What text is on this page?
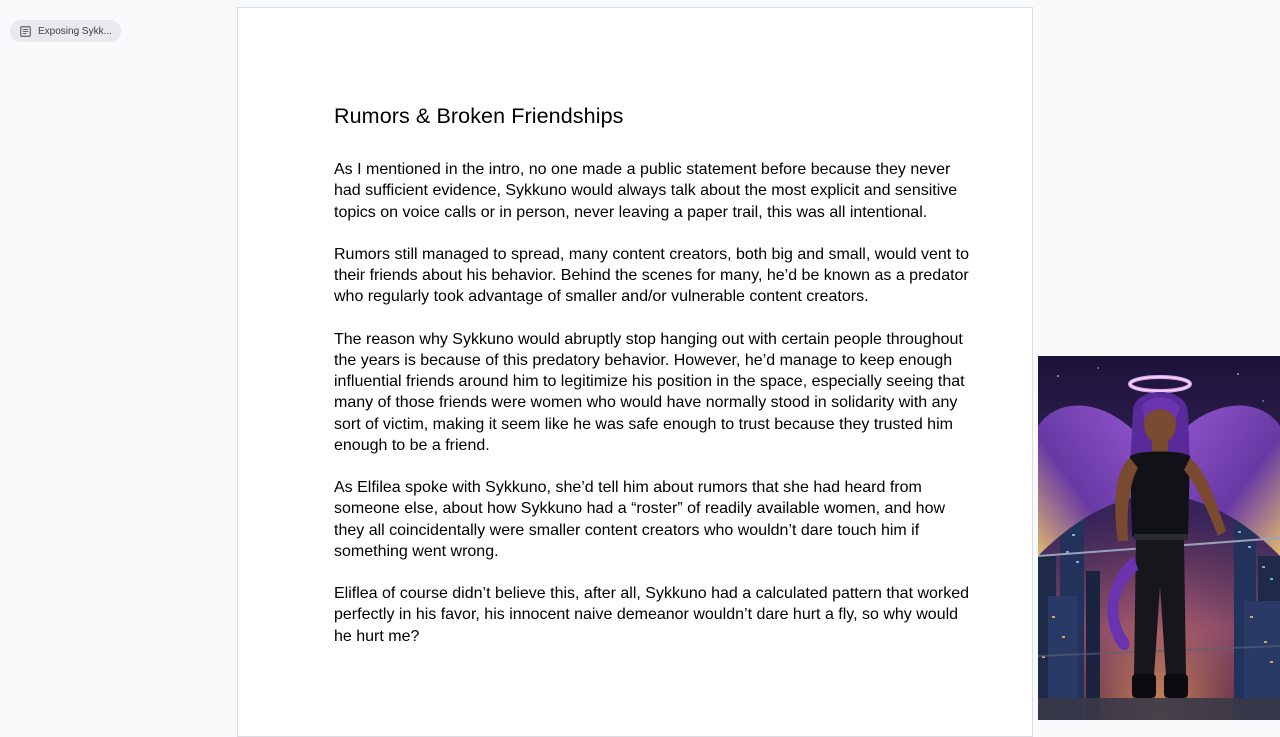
Exposing Sykk...
Rumors & Broken Friendships

As I mentioned in the intro, no one made a public statement before because they never had sufficient evidence, Sykkuno would always talk about the most explicit and sensitive topics on voice calls or in person, never leaving a paper trail, this was all intentional.

Rumors still managed to spread, many content creators, both big and small, would vent to their friends about his behavior. Behind the scenes for many, he’d be known as a predator who regularly took advantage of smaller and/or vulnerable content creators.

The reason why Sykkuno would abruptly stop hanging out with certain people throughout the years is because of this predatory behavior. However, he’d manage to keep enough influential friends around him to legitimize his position in the space, especially seeing that many of those friends were women who would have normally stood in solidarity with any sort of victim, making it seem like he was safe enough to trust because they trusted him enough to be a friend.

As Elfilea spoke with Sykkuno, she’d tell him about rumors that she had heard from someone else, about how Sykkuno had a “roster” of readily available women, and how they all coincidentally were smaller content creators who wouldn’t dare touch him if something went wrong.

Eliflea of course didn’t believe this, after all, Sykkuno had a calculated pattern that worked perfectly in his favor, his innocent naive demeanor wouldn’t dare hurt a fly, so why would he hurt me?
